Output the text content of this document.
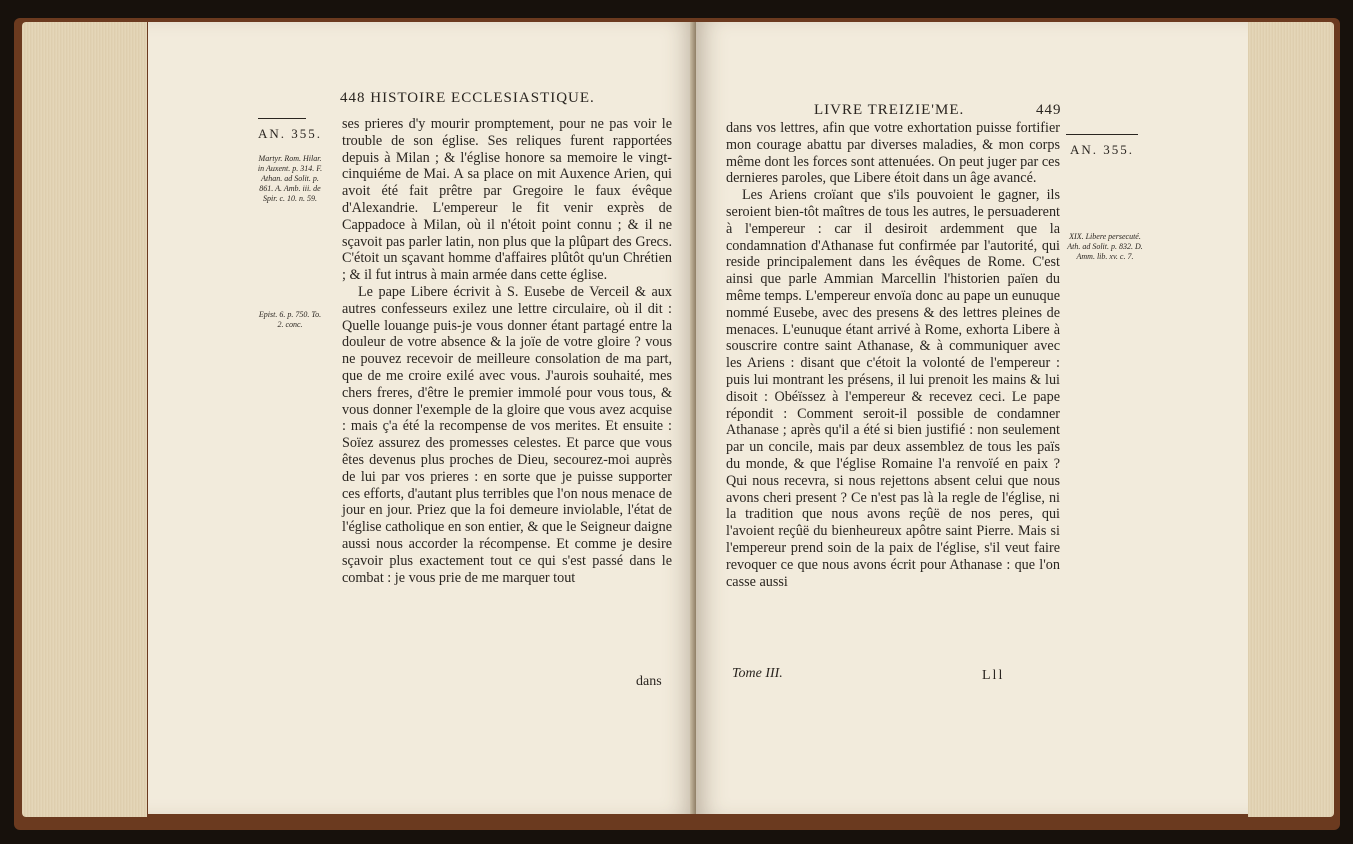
448 HISTOIRE ECCLESIASTIQUE.
AN. 355.
Martyr. Rom. Hilar. in Auxent. p. 314. F. Athan. ad Solit. p. 861. A. Amb. iii. de Spir. c. 10. n. 59.
Epist. 6. p. 750. To. 2. conc.

ses prieres d'y mourir promptement, pour ne pas voir le trouble de son église. Ses reliques furent rapportées depuis à Milan ; & l'église honore sa memoire le vingt-cinquiéme de Mai. A sa place on mit Auxence Arien, qui avoit été fait prêtre par Gregoire le faux évêque d'Alexandrie. L'empereur le fit venir exprès de Cappadoce à Milan, où il n'étoit point connu ; & il ne sçavoit pas parler latin, non plus que la plûpart des Grecs. C'étoit un sçavant homme d'affaires plûtôt qu'un Chrétien ; & il fut intrus à main armée dans cette église.

Le pape Libere écrivit à S. Eusebe de Verceil & aux autres confesseurs exilez une lettre circulaire, où il dit : Quelle louange puis-je vous donner étant partagé entre la douleur de votre absence & la joïe de votre gloire ? vous ne pouvez recevoir de meilleure consolation de ma part, que de me croire exilé avec vous. J'aurois souhaité, mes chers freres, d'être le premier immolé pour vous tous, & vous donner l'exemple de la gloire que vous avez acquise : mais ç'a été la recompense de vos merites. Et ensuite : Soïez assurez des promesses celestes. Et parce que vous êtes devenus plus proches de Dieu, secourez-moi auprès de lui par vos prieres : en sorte que je puisse supporter ces efforts, d'autant plus terribles que l'on nous menace de jour en jour. Priez que la foi demeure inviolable, l'état de l'église catholique en son entier, & que le Seigneur daigne aussi nous accorder la récompense. Et comme je desire sçavoir plus exactement tout ce qui s'est passé dans le combat : je vous prie de me marquer tout

dans
LIVRE TREIZIE'ME.	449
AN. 355.
XIX. Libere persecuté. Ath. ad Solit. p. 832. D. Amm. lib. xv. c. 7.

dans vos lettres, afin que votre exhortation puisse fortifier mon courage abattu par diverses maladies, & mon corps même dont les forces sont attenuées. On peut juger par ces dernieres paroles, que Libere étoit dans un âge avancé.

Les Ariens croïant que s'ils pouvoient le gagner, ils seroient bien-tôt maîtres de tous les autres, le persuaderent à l'empereur : car il desiroit ardemment que la condamnation d'Athanase fut confirmée par l'autorité, qui reside principalement dans les évêques de Rome. C'est ainsi que parle Ammian Marcellin l'historien païen du même temps. L'empereur envoïa donc au pape un eunuque nommé Eusebe, avec des presens & des lettres pleines de menaces. L'eunuque étant arrivé à Rome, exhorta Libere à souscrire contre saint Athanase, & à communiquer avec les Ariens : disant que c'étoit la volonté de l'empereur : puis lui montrant les présens, il lui prenoit les mains & lui disoit : Obéïssez à l'empereur & recevez ceci. Le pape répondit : Comment seroit-il possible de condamner Athanase ; après qu'il a été si bien justifié : non seulement par un concile, mais par deux assemblez de tous les païs du monde, & que l'église Romaine l'a renvoïé en paix ? Qui nous recevra, si nous rejettons absent celui que nous avons cheri present ? Ce n'est pas là la regle de l'église, ni la tradition que nous avons reçûë de nos peres, qui l'avoient reçûë du bienheureux apôtre saint Pierre. Mais si l'empereur prend soin de la paix de l'église, s'il veut faire revoquer ce que nous avons écrit pour Athanase : que l'on casse aussi

Tome III.	Lll
